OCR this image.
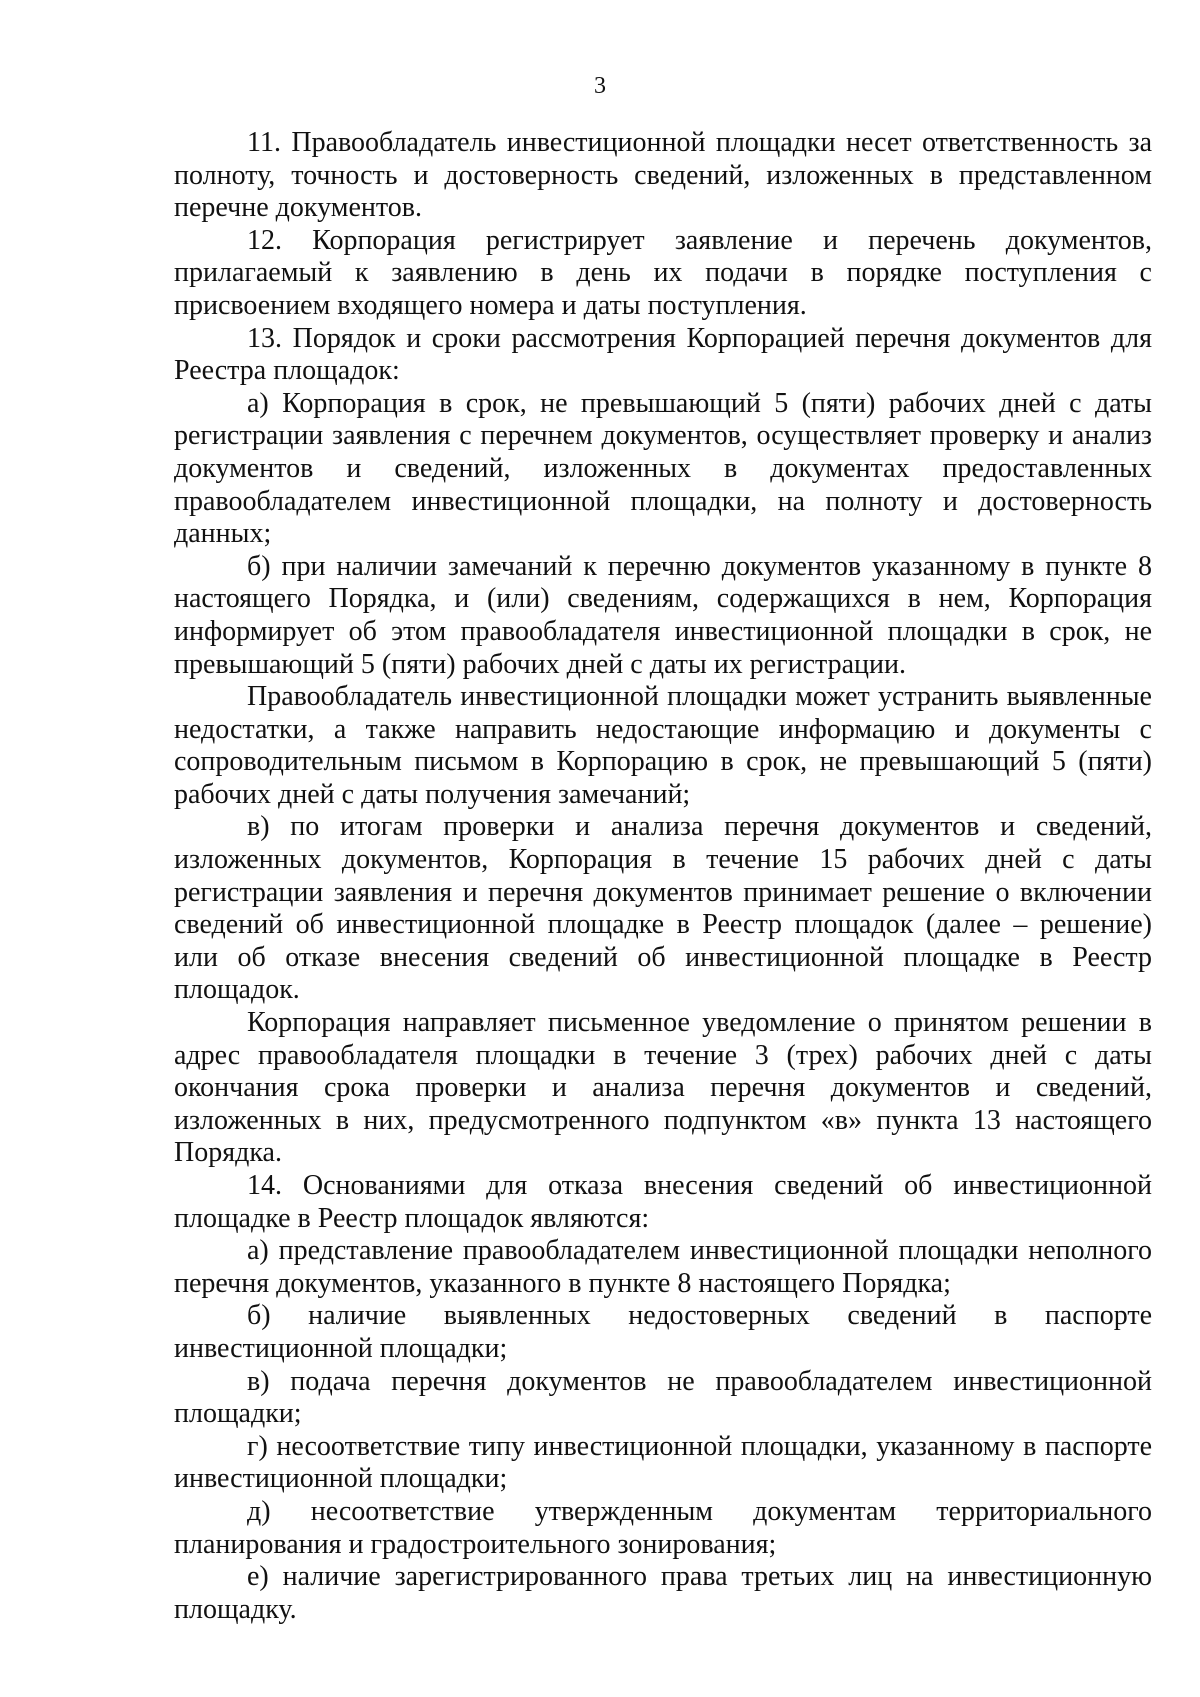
3

11. Правообладатель инвестиционной площадки несет ответственность за полноту, точность и достоверность сведений, изложенных в представленном перечне документов.

12. Корпорация регистрирует заявление и перечень документов, прилагаемый к заявлению в день их подачи в порядке поступления с присвоением входящего номера и даты поступления.

13. Порядок и сроки рассмотрения Корпорацией перечня документов для Реестра площадок:

а) Корпорация в срок, не превышающий 5 (пяти) рабочих дней с даты регистрации заявления с перечнем документов, осуществляет проверку и анализ документов и сведений, изложенных в документах предоставленных правообладателем инвестиционной площадки, на полноту и достоверность данных;

б) при наличии замечаний к перечню документов указанному в пункте 8 настоящего Порядка, и (или) сведениям, содержащихся в нем, Корпорация информирует об этом правообладателя инвестиционной площадки в срок, не превышающий 5 (пяти) рабочих дней с даты их регистрации.

Правообладатель инвестиционной площадки может устранить выявленные недостатки, а также направить недостающие информацию и документы с сопроводительным письмом в Корпорацию в срок, не превышающий 5 (пяти) рабочих дней с даты получения замечаний;

в) по итогам проверки и анализа перечня документов и сведений, изложенных документов, Корпорация в течение 15 рабочих дней с даты регистрации заявления и перечня документов принимает решение о включении сведений об инвестиционной площадке в Реестр площадок (далее – решение) или об отказе внесения сведений об инвестиционной площадке в Реестр площадок.

Корпорация направляет письменное уведомление о принятом решении в адрес правообладателя площадки в течение 3 (трех) рабочих дней с даты окончания срока проверки и анализа перечня документов и сведений, изложенных в них, предусмотренного подпунктом «в» пункта 13 настоящего Порядка.

14. Основаниями для отказа внесения сведений об инвестиционной площадке в Реестр площадок являются:

а) представление правообладателем инвестиционной площадки неполного перечня документов, указанного в пункте 8 настоящего Порядка;

б) наличие выявленных недостоверных сведений в паспорте инвестиционной площадки;

в) подача перечня документов не правообладателем инвестиционной площадки;

г) несоответствие типу инвестиционной площадки, указанному в паспорте инвестиционной площадки;

д) несоответствие утвержденным документам территориального планирования и градостроительного зонирования;

е) наличие зарегистрированного права третьих лиц на инвестиционную площадку.
